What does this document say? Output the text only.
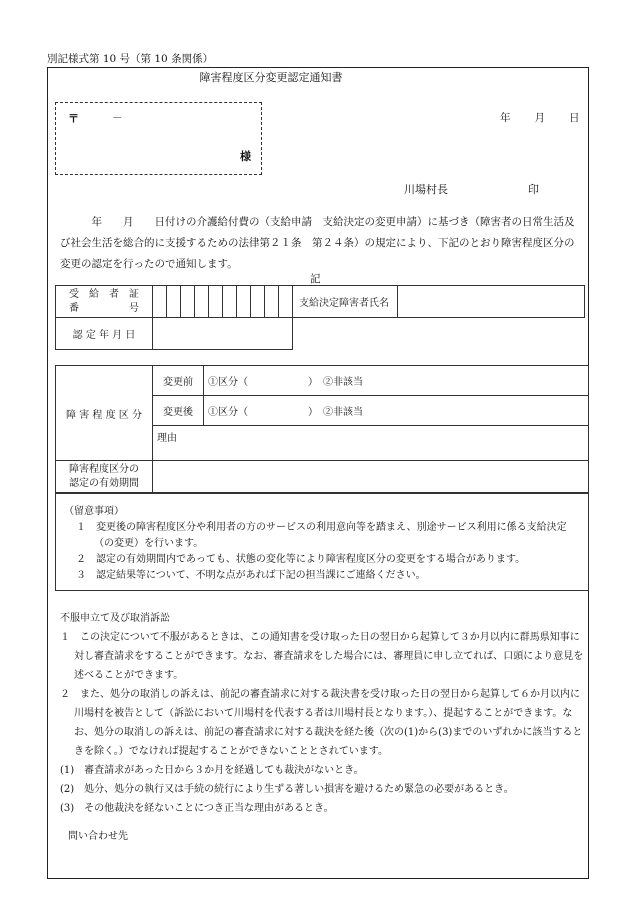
別記様式第 10 号（第 10 条関係）
障害程度区分変更認定通知書
〒	－
様
年 月 日
川場村長	印
　　　年　　月　　日付けの介護給付費の（支給申請　支給決定の変更申請）に基づき（障害者の日常生活及び社会生活を総合的に支援するための法律第２１条　第２４条）の規定により、下記のとおり障害程度区分の変更の認定を行ったので通知します。
記
受　給　者　証
番　　　　　号											支給決定障害者氏名	
認 定 年 月 日												
障 害 程 度 区 分	変更前	①区分（　　　　　　）　②非該当
	変更後	①区分（　　　　　　）　②非該当
	理由	

障害程度区分の
認定の有効期間		

（留意事項）

１　変更後の障害程度区分や利用者の方のサービスの利用意向等を踏まえ、別途サービス利用に係る支給決定（の変更）を行います。

２　認定の有効期間内であっても、状態の変化等により障害程度区分の変更をする場合があります。

３　認定結果等について、不明な点があれば下記の担当課にご連絡ください。

不服申立て及び取消訴訟

１　この決定について不服があるときは、この通知書を受け取った日の翌日から起算して３か月以内に群馬県知事に対し審査請求をすることができます。なお、審査請求をした場合には、審理員に申し立てれば、口頭により意見を述べることができます。

２　また、処分の取消しの訴えは、前記の審査請求に対する裁決書を受け取った日の翌日から起算して６か月以内に川場村を被告として（訴訟において川場村を代表する者は川場村長となります。）、提起することができます。なお、処分の取消しの訴えは、前記の審査請求に対する裁決を経た後（次の(1)から(3)までのいずれかに該当するときを除く。）でなければ提起することができないこととされています。

(1)　審査請求があった日から３か月を経過しても裁決がないとき。

(2)　処分、処分の執行又は手続の続行により生ずる著しい損害を避けるため緊急の必要があるとき。

(3)　その他裁決を経ないことにつき正当な理由があるとき。

問い合わせ先
